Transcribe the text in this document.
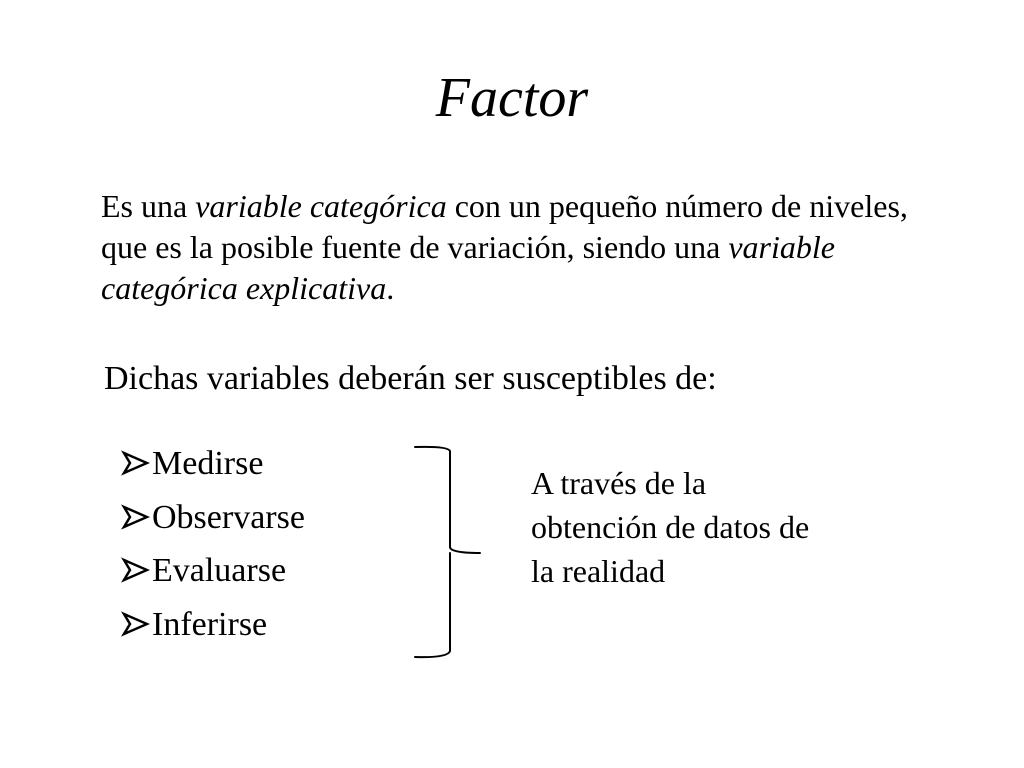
Factor
Es una variable categórica con un pequeño número de niveles, que es la posible fuente de variación, siendo una variable categórica explicativa.
Dichas variables deberán ser susceptibles de:
Medirse
Observarse
Evaluarse
Inferirse
A través de la
obtención de datos de
la realidad
